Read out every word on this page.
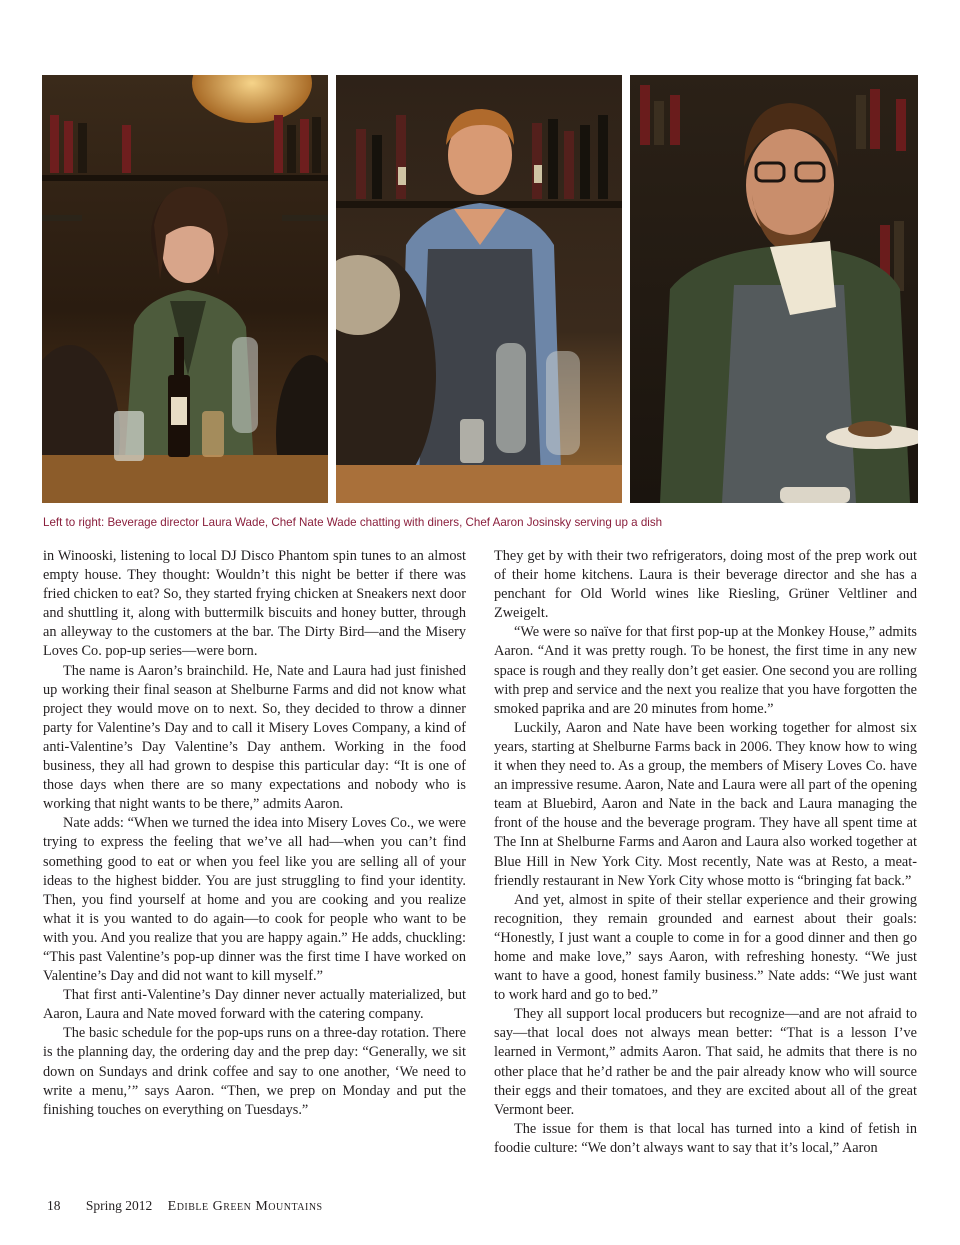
Left to right: Beverage director Laura Wade, Chef Nate Wade chatting with diners, Chef Aaron Josinsky serving up a dish

in Winooski, listening to local DJ Disco Phantom spin tunes to an almost empty house. They thought: Wouldn’t this night be better if there was fried chicken to eat? So, they started frying chicken at Sneakers next door and shuttling it, along with buttermilk biscuits and honey butter, through an alleyway to the customers at the bar. The Dirty Bird—and the Misery Loves Co. pop-up series—were born.

The name is Aaron’s brainchild. He, Nate and Laura had just finished up working their final season at Shelburne Farms and did not know what project they would move on to next. So, they decided to throw a dinner party for Valentine’s Day and to call it Misery Loves Company, a kind of anti-Valentine’s Day Valentine’s Day anthem. Working in the food business, they all had grown to despise this particular day: “It is one of those days when there are so many expectations and nobody who is working that night wants to be there,” admits Aaron.

Nate adds: “When we turned the idea into Misery Loves Co., we were trying to express the feeling that we’ve all had—when you can’t find something good to eat or when you feel like you are selling all of your ideas to the highest bidder. You are just struggling to find your identity. Then, you find yourself at home and you are cooking and you realize what it is you wanted to do again—to cook for people who want to be with you. And you realize that you are happy again.” He adds, chuckling: “This past Valentine’s pop-up dinner was the first time I have worked on Valentine’s Day and did not want to kill myself.”

That first anti-Valentine’s Day dinner never actually materialized, but Aaron, Laura and Nate moved forward with the catering company.

The basic schedule for the pop-ups runs on a three-day rotation. There is the planning day, the ordering day and the prep day: “Generally, we sit down on Sundays and drink coffee and say to one another, ‘We need to write a menu,’” says Aaron. “Then, we prep on Monday and put the finishing touches on everything on Tuesdays.”

They get by with their two refrigerators, doing most of the prep work out of their home kitchens. Laura is their beverage director and she has a penchant for Old World wines like Riesling, Grüner Veltliner and Zweigelt.

“We were so naïve for that first pop-up at the Monkey House,” admits Aaron. “And it was pretty rough. To be honest, the first time in any new space is rough and they really don’t get easier. One second you are rolling with prep and service and the next you realize that you have forgotten the smoked paprika and are 20 minutes from home.”

Luckily, Aaron and Nate have been working together for almost six years, starting at Shelburne Farms back in 2006. They know how to wing it when they need to. As a group, the members of Misery Loves Co. have an impressive resume. Aaron, Nate and Laura were all part of the opening team at Bluebird, Aaron and Nate in the back and Laura managing the front of the house and the beverage program. They have all spent time at The Inn at Shelburne Farms and Aaron and Laura also worked together at Blue Hill in New York City. Most recently, Nate was at Resto, a meat-friendly restaurant in New York City whose motto is “bringing fat back.”

And yet, almost in spite of their stellar experience and their growing recognition, they remain grounded and earnest about their goals: “Honestly, I just want a couple to come in for a good dinner and then go home and make love,” says Aaron, with refreshing honesty. “We just want to have a good, honest family business.” Nate adds: “We just want to work hard and go to bed.”

They all support local producers but recognize—and are not afraid to say—that local does not always mean better: “That is a lesson I’ve learned in Vermont,” admits Aaron. That said, he admits that there is no other place that he’d rather be and the pair already know who will source their eggs and their tomatoes, and they are excited about all of the great Vermont beer.

The issue for them is that local has turned into a kind of fetish in foodie culture: “We don’t always want to say that it’s local,” Aaron

18 Spring 2012 Edible Green Mountains
